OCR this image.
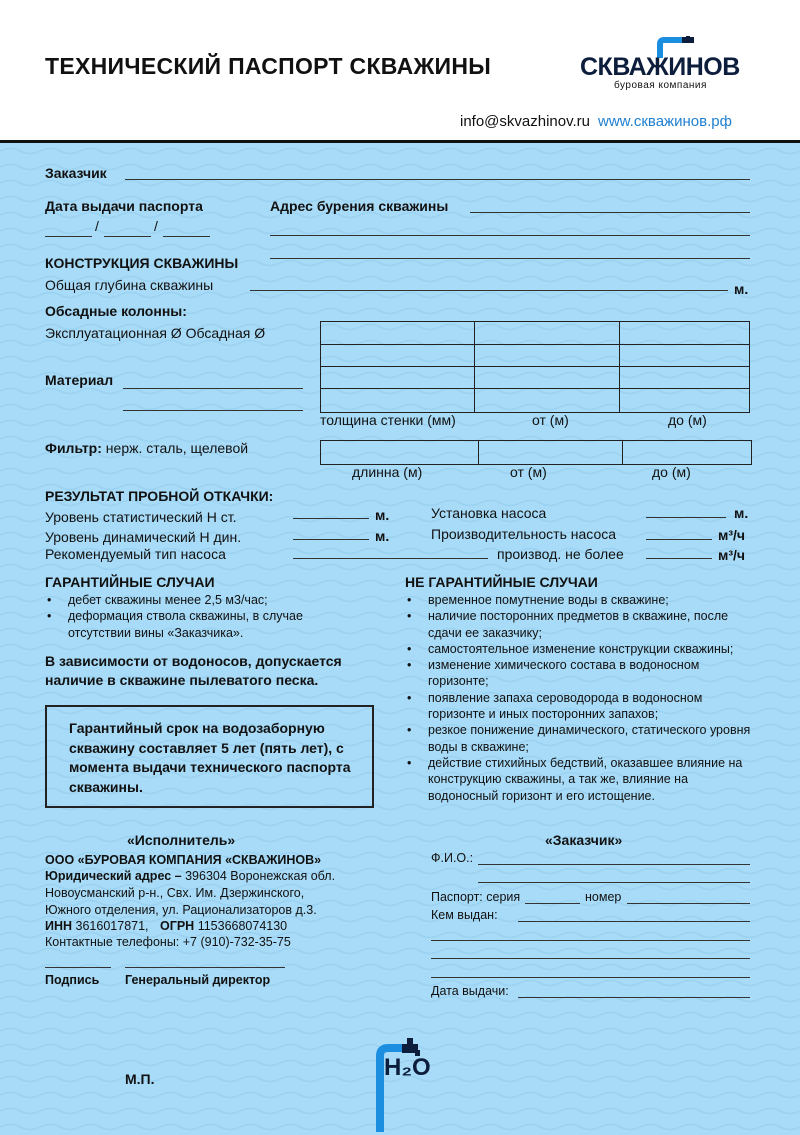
ТЕХНИЧЕСКИЙ ПАСПОРТ СКВАЖИНЫ	СКВАЖИНОВ
буровая компания
info@skvazhinov.ru www.скважинов.рф
Заказчик
Дата выдачи паспорта
/	/
Адрес бурения скважины
КОНСТРУКЦИЯ СКВАЖИНЫ
Общая глубина скважины	м.
Обсадные колонны:
Эксплуатационная Ø Обсадная Ø
толщина стенки (мм)	от (м)	до (м)
Материал
Фильтр: нерж. сталь, щелевой
длинна (м)	от (м)	до (м)
РЕЗУЛЬТАТ ПРОБНОЙ ОТКАЧКИ:
Уровень статистический Н ст.	м.
Уровень динамический Н дин.	м.
Рекомендуемый тип насоса
Установка насоса	м.
Производительность насоса	м³/ч
производ. не более	м³/ч
ГАРАНТИЙНЫЕ СЛУЧАИ
• дебет скважины менее 2,5 м3/час;
• деформация ствола скважины, в случае отсутствии вины «Заказчика».
В зависимости от водоносов, допускается наличие в скважине пылеватого песка.
Гарантийный срок на водозаборную скважину составляет 5 лет (пять лет), с момента выдачи технического паспорта скважины.
НЕ ГАРАНТИЙНЫЕ СЛУЧАИ
• временное помутнение воды в скважине;
• наличие посторонних предметов в скважине, после сдачи ее заказчику;
• самостоятельное изменение конструкции скважины;
• изменение химического состава в водоносном горизонте;
• появление запаха сероводорода в водоносном горизонте и иных посторонних запахов;
• резкое понижение динамического, статического уровня воды в скважине;
• действие стихийных бедствий, оказавшее влияние на конструкцию скважины, а так же, влияние на водоносный горизонт и его истощение.
«Исполнитель»
ООО «БУРОВАЯ КОМПАНИЯ «СКВАЖИНОВ»
Юридический адрес – 396304 Воронежская обл.
Новоусманский р-н., Свх. Им. Дзержинского,
Южного отделения, ул. Рационализаторов д.3.
ИНН 3616017871, ОГРН 1153668074130
Контактные телефоны: +7 (910)-732-35-75
Подпись Генеральный директор
М.П.
«Заказчик»
Ф.И.О.:
Паспорт: серия	номер
Кем выдан:
Дата выдачи:
H₂O
